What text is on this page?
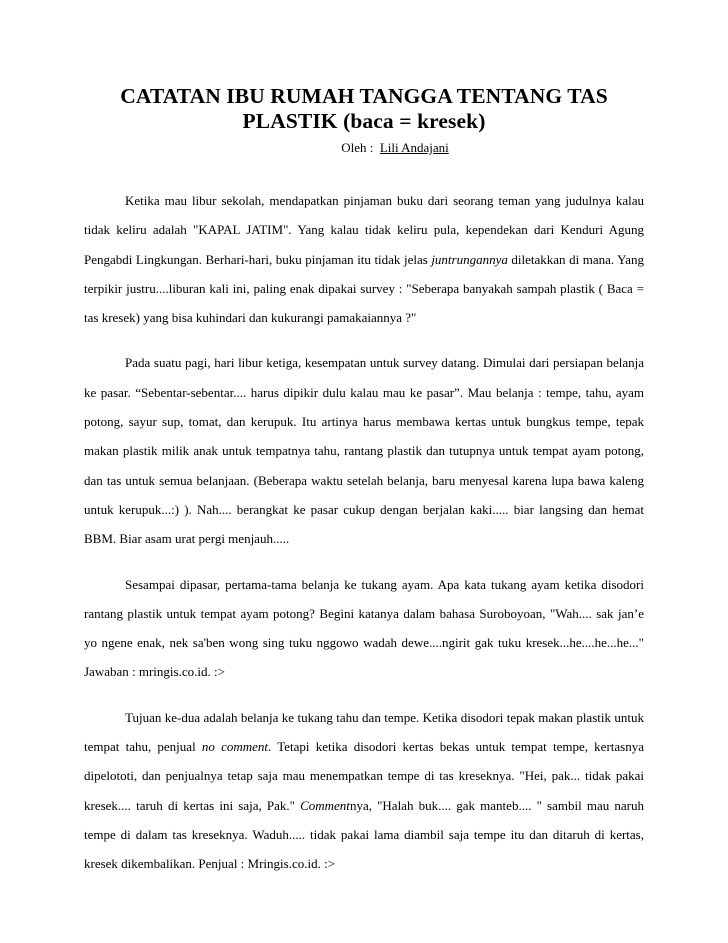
CATATAN IBU RUMAH TANGGA TENTANG TAS
PLASTIK (baca = kresek)
Oleh : Lili Andajani

Ketika mau libur sekolah, mendapatkan pinjaman buku dari seorang teman yang judulnya kalau tidak keliru adalah "KAPAL JATIM". Yang kalau tidak keliru pula, kependekan dari Kenduri Agung Pengabdi Lingkungan. Berhari-hari, buku pinjaman itu tidak jelas juntrungannya diletakkan di mana. Yang terpikir justru....liburan kali ini, paling enak dipakai survey : "Seberapa banyakah sampah plastik ( Baca = tas kresek) yang bisa kuhindari dan kukurangi pamakaiannya ?"

Pada suatu pagi, hari libur ketiga, kesempatan untuk survey datang. Dimulai dari persiapan belanja ke pasar. “Sebentar-sebentar.... harus dipikir dulu kalau mau ke pasar”. Mau belanja : tempe, tahu, ayam potong, sayur sup, tomat, dan kerupuk. Itu artinya harus membawa kertas untuk bungkus tempe, tepak makan plastik milik anak untuk tempatnya tahu, rantang plastik dan tutupnya untuk tempat ayam potong, dan tas untuk semua belanjaan. (Beberapa waktu setelah belanja, baru menyesal karena lupa bawa kaleng untuk kerupuk...:) ). Nah.... berangkat ke pasar cukup dengan berjalan kaki..... biar langsing dan hemat BBM. Biar asam urat pergi menjauh.....

Sesampai dipasar, pertama-tama belanja ke tukang ayam. Apa kata tukang ayam ketika disodori rantang plastik untuk tempat ayam potong? Begini katanya dalam bahasa Suroboyoan, "Wah.... sak jan’e yo ngene enak, nek sa'ben wong sing tuku nggowo wadah dewe....ngirit gak tuku kresek...he....he...he..." Jawaban : mringis.co.id. :>

Tujuan ke-dua adalah belanja ke tukang tahu dan tempe. Ketika disodori tepak makan plastik untuk tempat tahu, penjual no comment. Tetapi ketika disodori kertas bekas untuk tempat tempe, kertasnya dipelototi, dan penjualnya tetap saja mau menempatkan tempe di tas kreseknya. "Hei, pak... tidak pakai kresek.... taruh di kertas ini saja, Pak." Commentnya, "Halah buk.... gak manteb.... " sambil mau naruh tempe di dalam tas kreseknya. Waduh..... tidak pakai lama diambil saja tempe itu dan ditaruh di kertas, kresek dikembalikan. Penjual : Mringis.co.id. :>
